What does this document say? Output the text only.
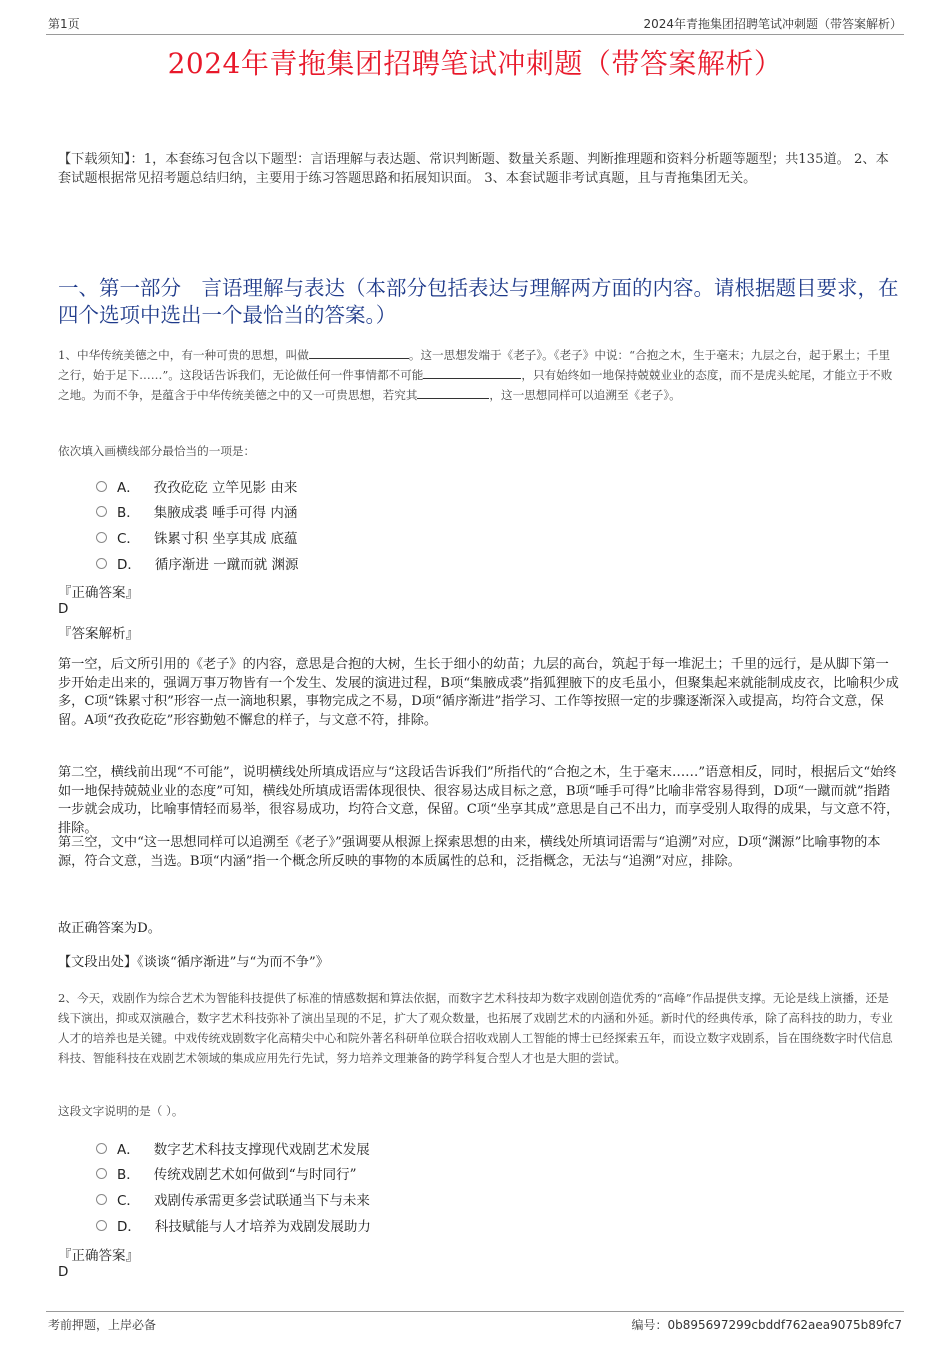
第1页	2024年青拖集团招聘笔试冲刺题（带答案解析）
2024年青拖集团招聘笔试冲刺题（带答案解析）
【下载须知】：1，本套练习包含以下题型：言语理解与表达题、常识判断题、数量关系题、判断推理题和资料分析题等题型；共135道。 2、本套试题根据常见招考题总结归纳，主要用于练习答题思路和拓展知识面。 3、本套试题非考试真题，且与青拖集团无关。
一、第一部分　言语理解与表达（本部分包括表达与理解两方面的内容。请根据题目要求，在四个选项中选出一个最恰当的答案。）
1、中华传统美德之中，有一种可贵的思想，叫做	。这一思想发端于《老子》。《老子》中说：“合抱之木，生于毫末；九层之台，起于累土；千里之行，始于足下……”。这段话告诉我们，无论做任何一件事情都不可能	，只有始终如一地保持兢兢业业的态度，而不是虎头蛇尾，才能立于不败之地。为而不争，是蕴含于中华传统美德之中的又一可贵思想，若究其	，这一思想同样可以追溯至《老子》。
依次填入画横线部分最恰当的一项是：
A． 孜孜矻矻 立竿见影 由来
B． 集腋成裘 唾手可得 内涵
C． 铢累寸积 坐享其成 底蕴
D． 循序渐进 一蹴而就 渊源
『正确答案』
D
『答案解析』
第一空，后文所引用的《老子》的内容，意思是合抱的大树，生长于细小的幼苗；九层的高台，筑起于每一堆泥土；千里的远行，是从脚下第一步开始走出来的，强调万事万物皆有一个发生、发展的演进过程，B项“集腋成裘”指狐狸腋下的皮毛虽小，但聚集起来就能制成皮衣，比喻积少成多，C项“铢累寸积”形容一点一滴地积累，事物完成之不易，D项“循序渐进”指学习、工作等按照一定的步骤逐渐深入或提高，均符合文意，保留。A项“孜孜矻矻”形容勤勉不懈怠的样子，与文意不符，排除。
第二空，横线前出现“不可能”，说明横线处所填成语应与“这段话告诉我们”所指代的“合抱之木，生于毫末……”语意相反，同时，根据后文“始终如一地保持兢兢业业的态度”可知，横线处所填成语需体现很快、很容易达成目标之意，B项“唾手可得”比喻非常容易得到，D项“一蹴而就”指踏一步就会成功，比喻事情轻而易举，很容易成功，均符合文意，保留。C项“坐享其成”意思是自己不出力，而享受别人取得的成果，与文意不符，排除。
第三空，文中“这一思想同样可以追溯至《老子》”强调要从根源上探索思想的由来，横线处所填词语需与“追溯”对应，D项“渊源”比喻事物的本源，符合文意，当选。B项“内涵”指一个概念所反映的事物的本质属性的总和，泛指概念，无法与“追溯”对应，排除。
故正确答案为D。
【文段出处】《谈谈“循序渐进”与“为而不争”》
2、今天，戏剧作为综合艺术为智能科技提供了标准的情感数据和算法依据，而数字艺术科技却为数字戏剧创造优秀的“高峰”作品提供支撑。无论是线上演播，还是线下演出，抑或双演融合，数字艺术科技弥补了演出呈现的不足，扩大了观众数量，也拓展了戏剧艺术的内涵和外延。新时代的经典传承，除了高科技的助力，专业人才的培养也是关键。中戏传统戏剧数字化高精尖中心和院外著名科研单位联合招收戏剧人工智能的博士已经探索五年，而设立数字戏剧系，旨在围绕数字时代信息科技、智能科技在戏剧艺术领域的集成应用先行先试，努力培养文理兼备的跨学科复合型人才也是大胆的尝试。
这段文字说明的是（ ）。
A． 数字艺术科技支撑现代戏剧艺术发展
B． 传统戏剧艺术如何做到“与时同行”
C． 戏剧传承需更多尝试联通当下与未来
D． 科技赋能与人才培养为戏剧发展助力
『正确答案』
D
考前押题，上岸必备	编号：0b895697299cbddf762aea9075b89fc7
